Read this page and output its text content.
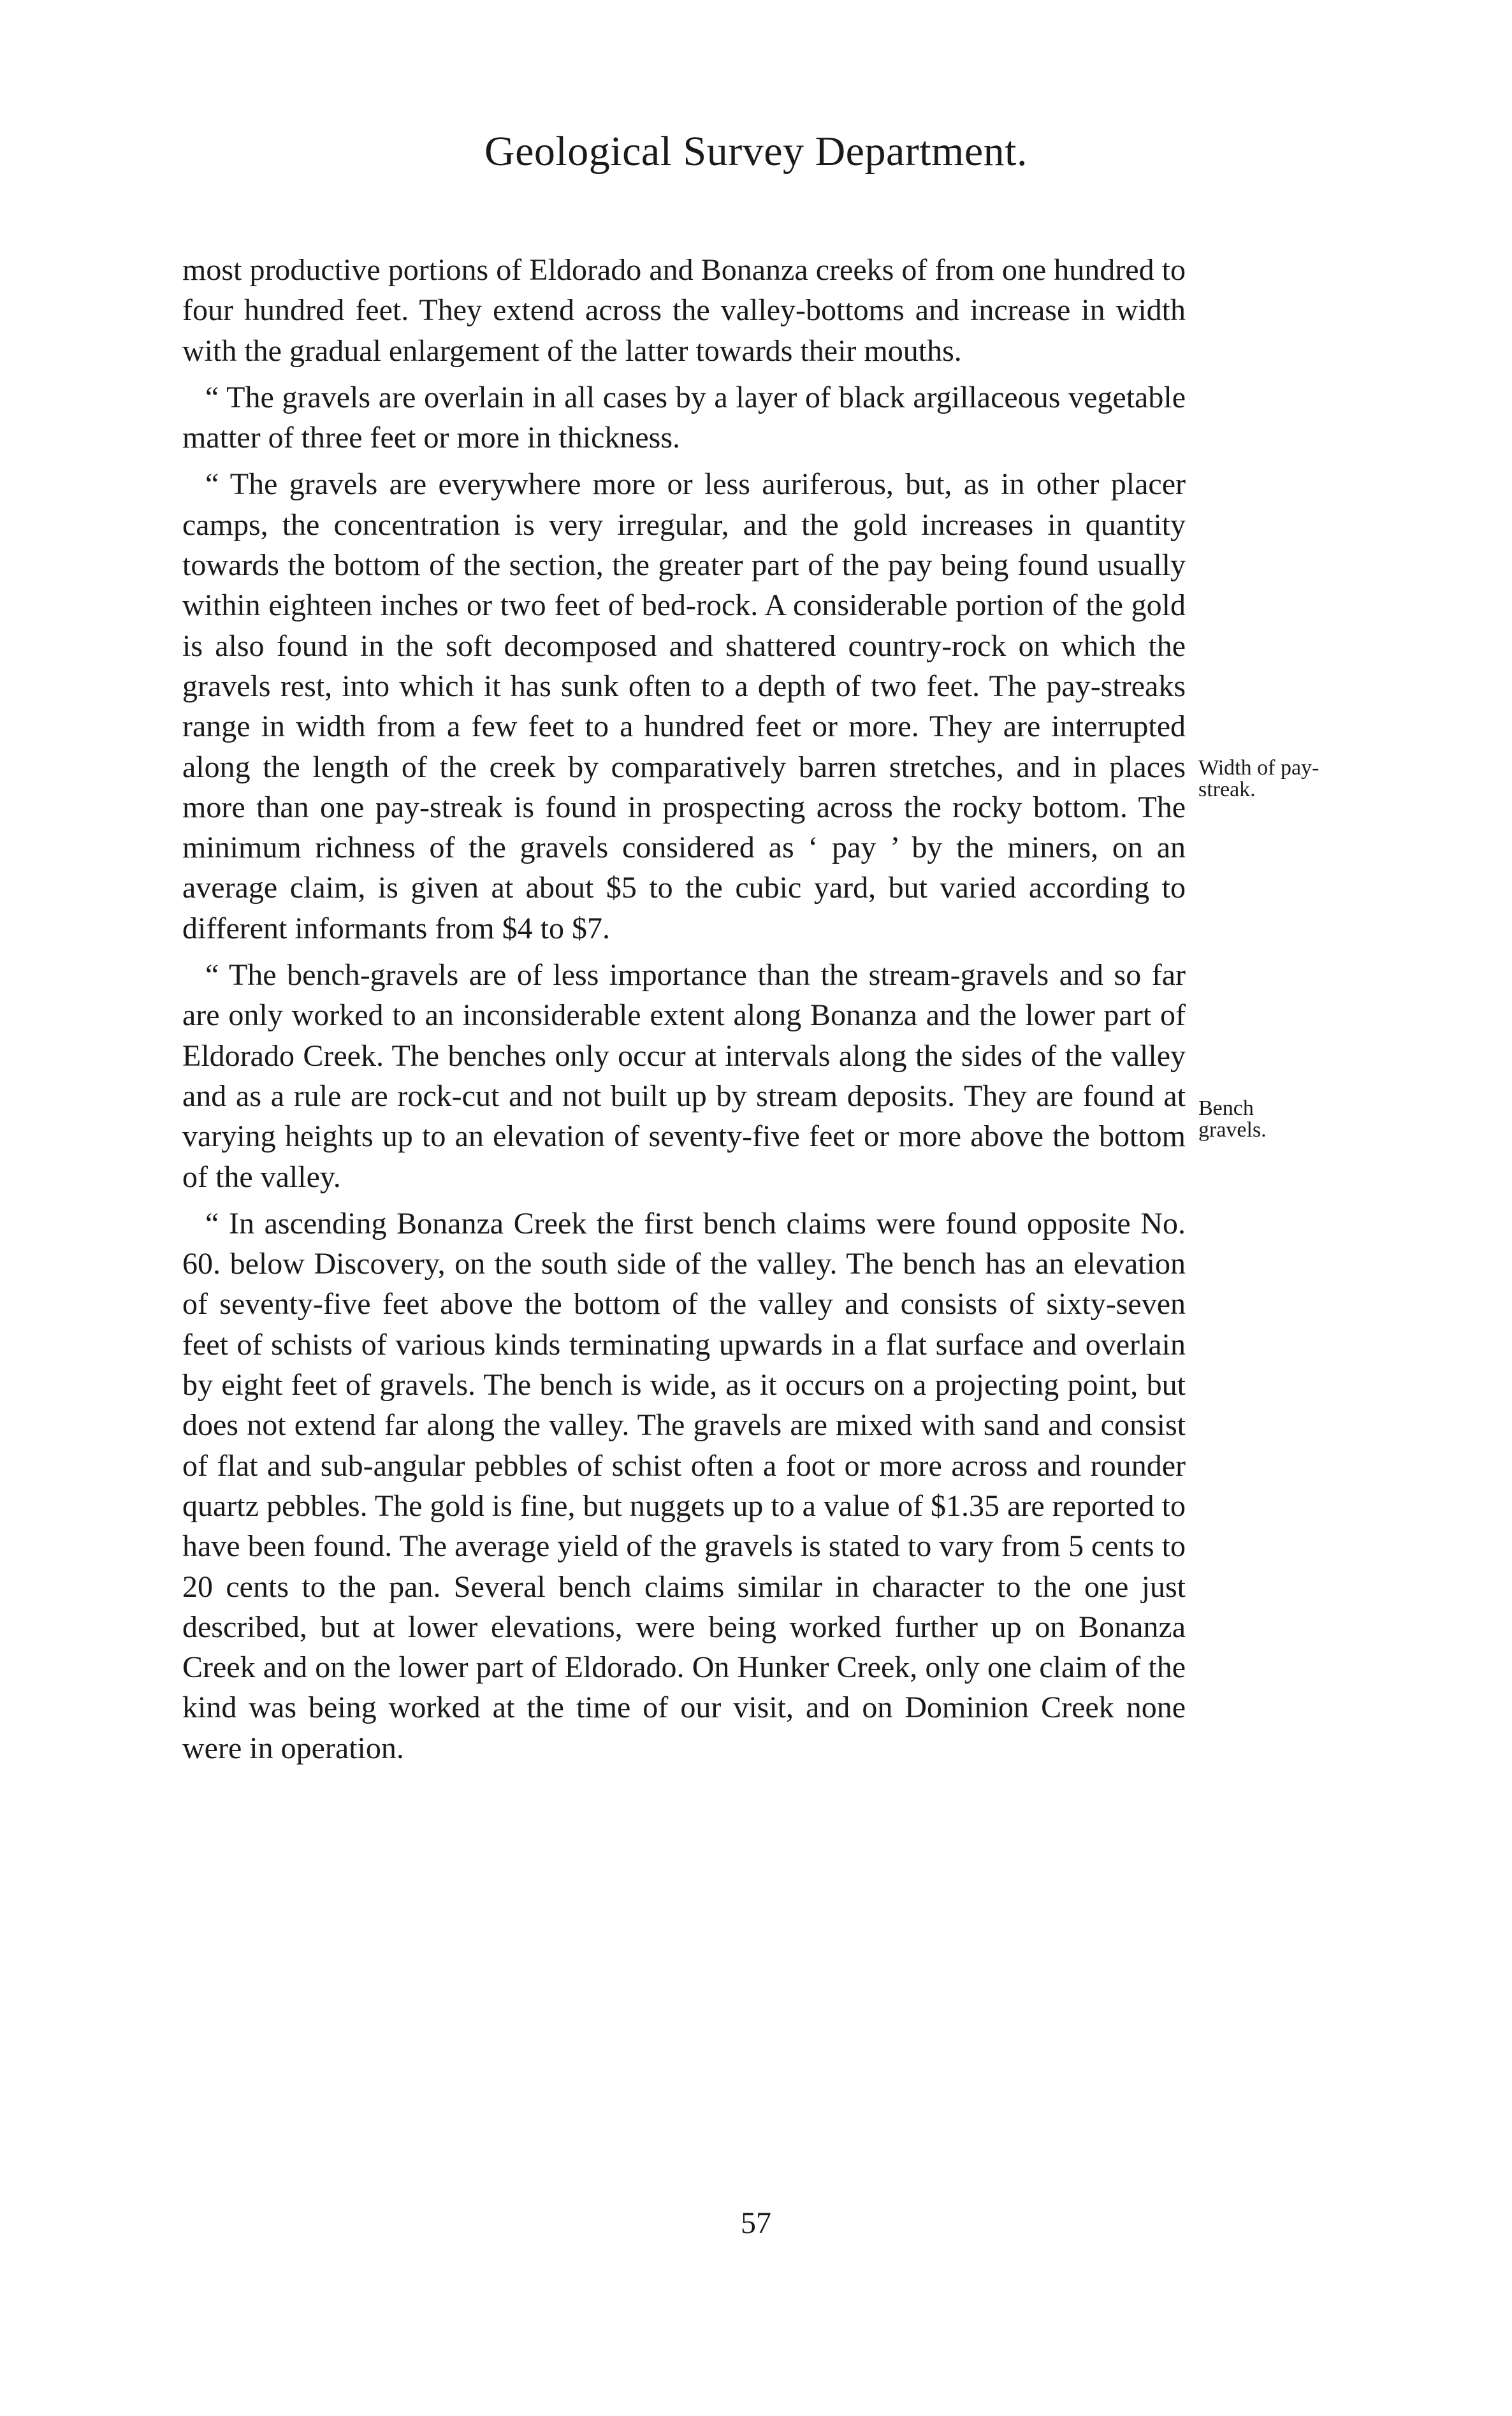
Geological Survey Department.

most productive portions of Eldorado and Bonanza creeks of from one hundred to four hundred feet. They extend across the valley-bottoms and increase in width with the gradual enlargement of the latter towards their mouths.

“ The gravels are overlain in all cases by a layer of black argillaceous vegetable matter of three feet or more in thickness.

“ The gravels are everywhere more or less auriferous, but, as in other placer camps, the concentration is very irregular, and the gold increases in quantity towards the bottom of the section, the greater part of the pay being found usually within eighteen inches or two feet of bed-rock. A considerable portion of the gold is also found in the soft decomposed and shattered country-rock on which the gravels rest, into which it has sunk often to a depth of two feet. The pay-streaks range in width from a few feet to a hundred feet or more. They are interrupted along the length of the creek by comparatively barren stretches, and in places more than one pay-streak is found in prospecting across the rocky bottom. The minimum richness of the gravels considered as ‘ pay ’ by the miners, on an average claim, is given at about $5 to the cubic yard, but varied according to different informants from $4 to $7.

“ The bench-gravels are of less importance than the stream-gravels and so far are only worked to an inconsiderable extent along Bonanza and the lower part of Eldorado Creek. The benches only occur at intervals along the sides of the valley and as a rule are rock-cut and not built up by stream deposits. They are found at varying heights up to an elevation of seventy-five feet or more above the bottom of the valley.

“ In ascending Bonanza Creek the first bench claims were found opposite No. 60. below Discovery, on the south side of the valley. The bench has an elevation of seventy-five feet above the bottom of the valley and consists of sixty-seven feet of schists of various kinds terminating upwards in a flat surface and overlain by eight feet of gravels. The bench is wide, as it occurs on a projecting point, but does not extend far along the valley. The gravels are mixed with sand and consist of flat and sub-angular pebbles of schist often a foot or more across and rounder quartz pebbles. The gold is fine, but nuggets up to a value of $1.35 are reported to have been found. The average yield of the gravels is stated to vary from 5 cents to 20 cents to the pan. Several bench claims similar in character to the one just described, but at lower elevations, were being worked further up on Bonanza Creek and on the lower part of Eldorado. On Hunker Creek, only one claim of the kind was being worked at the time of our visit, and on Dominion Creek none were in operation.

Width of pay-
streak.
Bench
gravels.
57
